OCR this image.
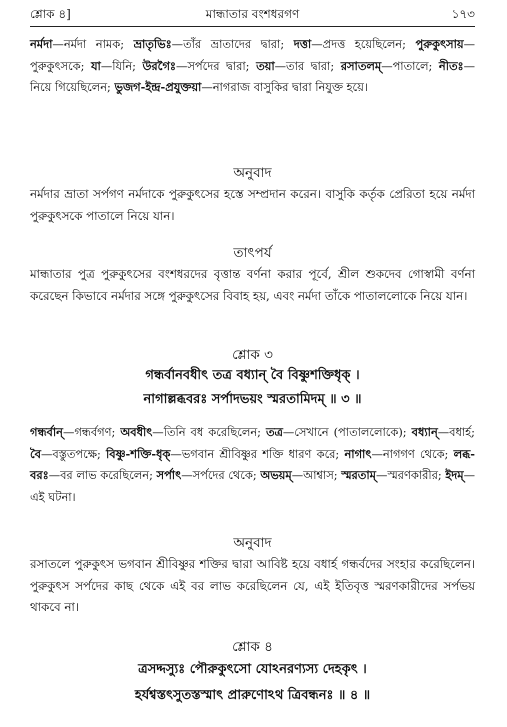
শ্লোক ৪]	মান্ধাতার বংশধরগণ	১৭৩
নর্মদা—নর্মদা নামক; ভ্রাতৃভিঃ—তাঁর ভ্রাতাদের দ্বারা; দত্তা—প্রদত্ত হয়েছিলেন; পুরুকুৎসায়—পুরুকুৎসকে; যা—যিনি; উরগৈঃ—সর্পদের দ্বারা; তয়া—তার দ্বারা; রসাতলম্—পাতালে; নীতঃ—নিয়ে গিয়েছিলেন; ভুজগ-ইন্দ্র-প্রযুক্তয়া—নাগরাজ বাসুকির দ্বারা নিযুক্ত হয়ে।
অনুবাদ
নর্মদার ভ্রাতা সর্পগণ নর্মদাকে পুরুকুৎসের হস্তে সম্প্রদান করেন। বাসুকি কর্তৃক প্রেরিতা হয়ে নর্মদা পুরুকুৎসকে পাতালে নিয়ে যান।
তাৎপর্য
মান্ধাতার পুত্র পুরুকুৎসের বংশধরদের বৃত্তান্ত বর্ণনা করার পূর্বে, শ্রীল শুকদেব গোস্বামী বর্ণনা করেছেন কিভাবে নর্মদার সঙ্গে পুরুকুৎসের বিবাহ হয়, এবং নর্মদা তাঁকে পাতাললোকে নিয়ে যান।
শ্লোক ৩
গন্ধর্বানবধীৎ তত্র বধ্যান্ বৈ বিষ্ণুশক্তিধৃক্ ।
নাগাল্লব্ধবরঃ সর্পাদভয়ং স্মরতামিদম্ ॥ ৩ ॥
গন্ধর্বান্—গন্ধর্বগণ; অবধীৎ—তিনি বধ করেছিলেন; তত্র—সেখানে (পাতাললোকে); বধ্যান্—বধার্হ; বৈ—বস্তুতপক্ষে; বিষ্ণু-শক্তি-ধৃক্—ভগবান শ্রীবিষ্ণুর শক্তি ধারণ করে; নাগাৎ—নাগগণ থেকে; লব্ধ-বরঃ—বর লাভ করেছিলেন; সর্পাৎ—সর্পদের থেকে; অভয়ম্—আশ্বাস; স্মরতাম্—স্মরণকারীর; ইদম্—এই ঘটনা।
অনুবাদ
রসাতলে পুরুকুৎস ভগবান শ্রীবিষ্ণুর শক্তির দ্বারা আবিষ্ট হয়ে বধার্হ গন্ধর্বদের সংহার করেছিলেন। পুরুকুৎস সর্পদের কাছ থেকে এই বর লাভ করেছিলেন যে, এই ইতিবৃত্ত স্মরণকারীদের সর্পভয় থাকবে না।
শ্লোক ৪
ত্রসদ্দস্যুঃ পৌরুকুৎসো যোঽনরণ্যস্য দেহকৃৎ ।
হর্যশ্বস্তৎসুতস্তস্মাৎ প্রারুণোঽথ ত্রিবন্ধনঃ ॥ ৪ ॥
